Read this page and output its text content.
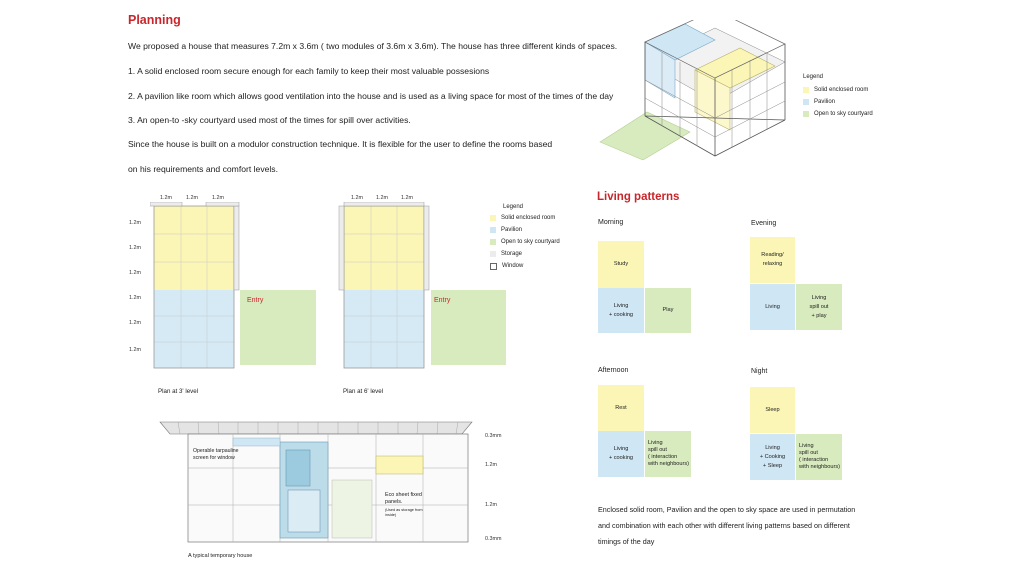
Planning
We proposed a house that measures 7.2m x 3.6m ( two modules of 3.6m x 3.6m). The house has three different kinds of spaces.
1. A solid enclosed room secure enough for each family to keep their most valuable possesions
2. A pavilion like room which allows good ventilation into the house and is used as a living space for most of the times of the day
3. An open-to -sky courtyard used most of the times for spill over activities.
Since the house is built on a modulor construction technique. It is flexible for the user to define the rooms based
on his requirements and comfort levels.
Legend
Solid enclosed room
Pavilion
Open to sky courtyard
1.2m	1.2m	1.2m
1.2m
1.2m
1.2m
1.2m
1.2m
1.2m
Entry
Plan at 3' level
1.2m 1.2m 1.2m
Entry
Plan at 6' level
Legend
Solid enclosed room
Pavilion
Open to sky courtyard
Storage
Window
Operable tarpauline screen for window
Eco sheet fixed panels.
(Used as storage from inside)
0.3mm
1.2m
1.2m
0.3mm
A typical temporary house
Living patterns
Morning
Study
Living
+ cooking
Play
Evening
Reading/
relaxing
Living
Living
spill out
+ play
Afternoon
Rest
Living
+ cooking
Living
spill out
( interaction
with neighbours)
Night
Sleep
Living
+ Cooking
+ Sleep
Living
spill out
( interaction
with neighbours)
Enclosed solid room, Pavilion and the open to sky space are used in permutation
and combination with each other with different living patterns based on different
timings of the day
